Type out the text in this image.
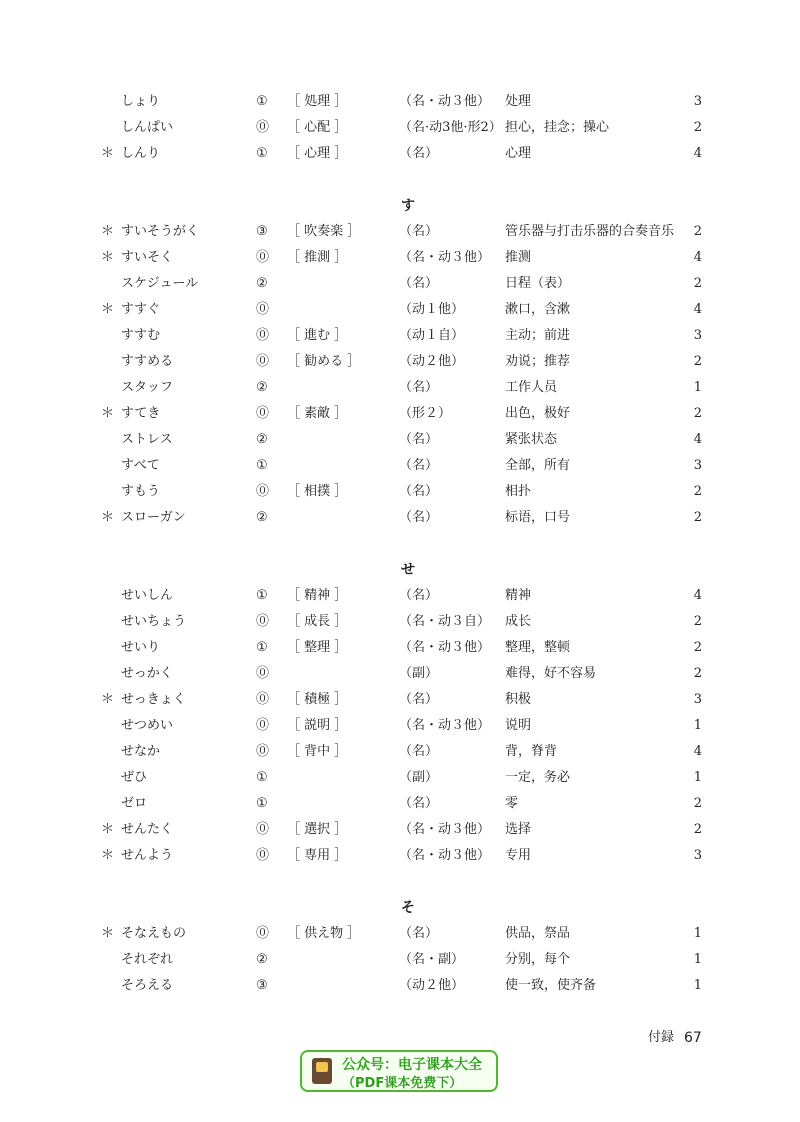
しょり	① ［ 処理 ］	（名・动３他） 处理	3
しんぱい	⓪ ［ 心配 ］	（名·动3他·形2） 担心，挂念；操心	2
＊ しんり	① ［ 心理 ］	（名）	心理	4
す
＊ すいそうがく	③ ［ 吹奏楽 ］	（名）	管乐器与打击乐器的合奏音乐	2
＊ すいそく	⓪ ［ 推測 ］	（名・动３他） 推测	4
スケジュール	②	（名）	日程（表）	2
＊ すすぐ	⓪	（动１他）	漱口，含漱	4
すすむ	⓪ ［ 進む ］	（动１自）	主动；前进	3
すすめる	⓪ ［ 勧める ］	（动２他）	劝说；推荐	2
スタッフ	②	（名）	工作人员	1
＊ すてき	⓪ ［ 素敵 ］	（形２）	出色，极好	2
ストレス	②	（名）	紧张状态	4
すべて	①	（名）	全部，所有	3
すもう	⓪ ［ 相撲 ］	（名）	相扑	2
＊ スローガン	②	（名）	标语，口号	2
せ
せいしん	① ［ 精神 ］	（名）	精神	4
せいちょう	⓪ ［ 成長 ］	（名・动３自） 成长	2
せいり	① ［ 整理 ］	（名・动３他） 整理，整顿	2
せっかく	⓪	（副）	难得，好不容易	2
＊ せっきょく	⓪ ［ 積極 ］	（名）	积极	3
せつめい	⓪ ［ 説明 ］	（名・动３他） 说明	1
せなか	⓪ ［ 背中 ］	（名）	背，脊背	4
ぜひ	①	（副）	一定，务必	1
ゼロ	①	（名）	零	2
＊ せんたく	⓪ ［ 選択 ］	（名・动３他） 选择	2
＊ せんよう	⓪ ［ 専用 ］	（名・动３他） 专用	3
そ
＊ そなえもの	⓪ ［ 供え物 ］	（名）	供品，祭品	1
それぞれ	②	（名・副）	分别，每个	1
そろえる	③	（动２他）	使一致，使齐备	1
付録 67
公众号：电子课本大全
（PDF课本免费下）
